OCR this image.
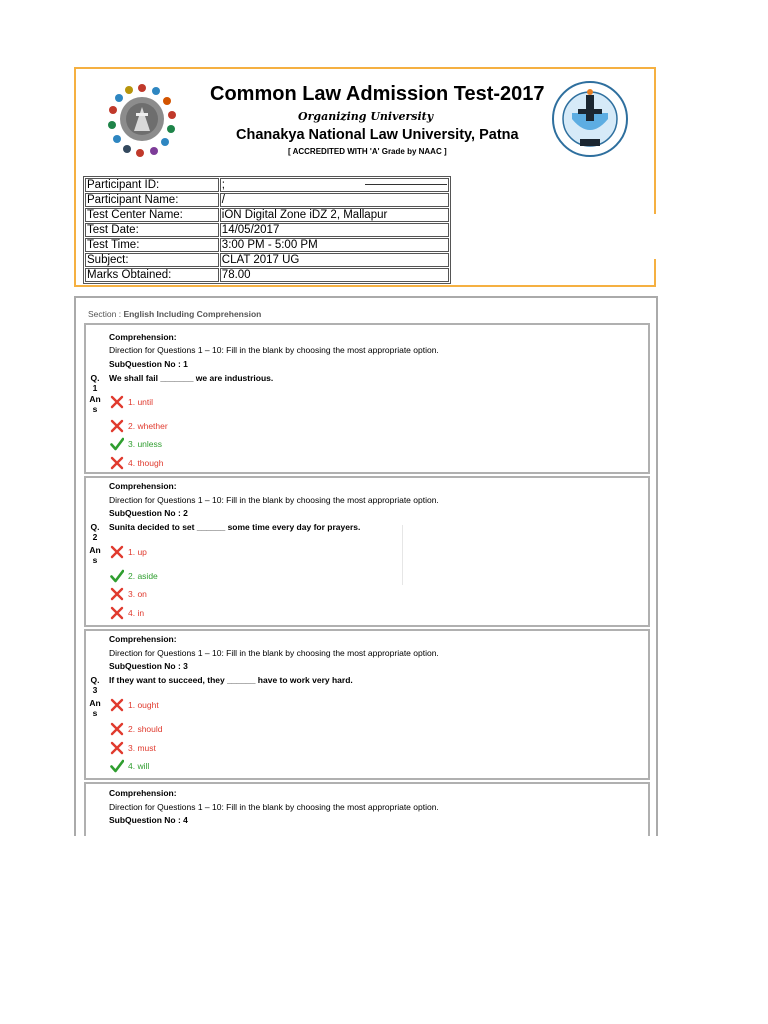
Common Law Admission Test-2017
Organizing University
Chanakya National Law University, Patna
[ ACCREDITED WITH 'A' Grade by NAAC ]
Participant ID:	;
Participant Name:	/
Test Center Name:	iON Digital Zone iDZ 2, Mallapur
Test Date:	14/05/2017
Test Time:	3:00 PM - 5:00 PM
Subject:	CLAT 2017 UG
Marks Obtained:	78.00
Section : English Including Comprehension
Comprehension:
Direction for Questions 1 – 10: Fill in the blank by choosing the most appropriate option.
SubQuestion No : 1
Q.
1
We shall fail _______ we are industrious.
An
s
1. until
2. whether
3. unless
4. though
Comprehension:
Direction for Questions 1 – 10: Fill in the blank by choosing the most appropriate option.
SubQuestion No : 2
Q.
2
Sunita decided to set ______ some time every day for prayers.
An
s
1. up
2. aside
3. on
4. in
Comprehension:
Direction for Questions 1 – 10: Fill in the blank by choosing the most appropriate option.
SubQuestion No : 3
Q.
3
If they want to succeed, they ______ have to work very hard.
An
s
1. ought
2. should
3. must
4. will
Comprehension:
Direction for Questions 1 – 10: Fill in the blank by choosing the most appropriate option.
SubQuestion No : 4
